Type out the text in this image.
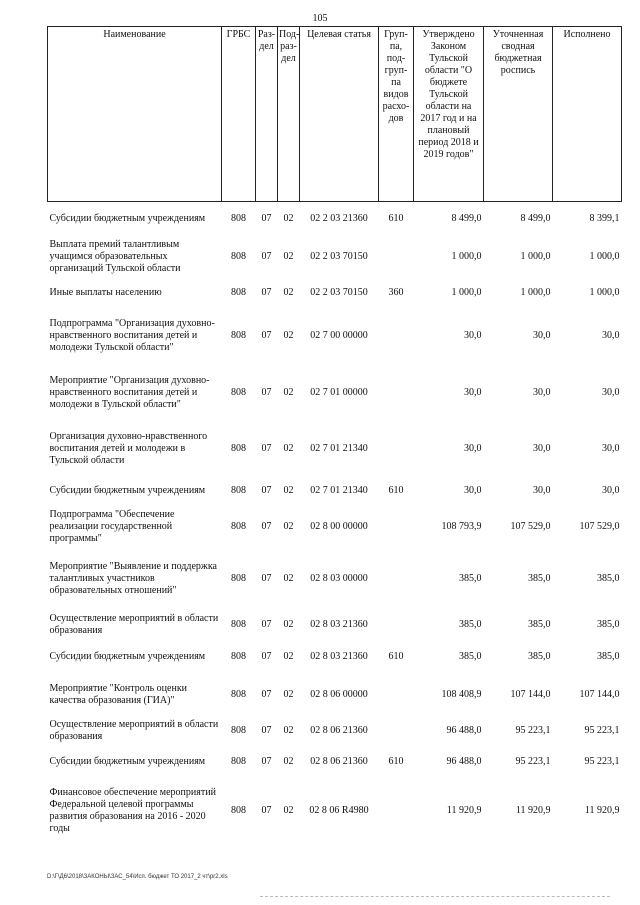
105
Наименование	ГРБС	Раз-дел	Под-раз-дел	Целевая статья	Груп-па, под-груп-па видов расхо-дов	Утверждено Законом Тульской области "О бюджете Тульской области на 2017 год и на плановый период 2018 и 2019 годов"	Уточненная сводная бюджетная роспись	Исполнено
Субсидии бюджетным учреждениям	808	07	02	02 2 03 21360	610	8 499,0	8 499,0	8 399,1
Выплата премий талантливым учащимся образовательных организаций Тульской области	808	07	02	02 2 03 70150		1 000,0	1 000,0	1 000,0
Иные выплаты населению	808	07	02	02 2 03 70150	360	1 000,0	1 000,0	1 000,0
Подпрограмма "Организация духовно-нравственного воспитания детей и молодежи Тульской области"	808	07	02	02 7 00 00000		30,0	30,0	30,0
Мероприятие "Организация духовно-нравственного воспитания детей и молодежи в Тульской области"	808	07	02	02 7 01 00000		30,0	30,0	30,0
Организация духовно-нравственного воспитания детей и молодежи в Тульской области	808	07	02	02 7 01 21340		30,0	30,0	30,0
Субсидии бюджетным учреждениям	808	07	02	02 7 01 21340	610	30,0	30,0	30,0
Подпрограмма "Обеспечение реализации государственной программы"	808	07	02	02 8 00 00000		108 793,9	107 529,0	107 529,0
Мероприятие "Выявление и поддержка талантливых участников образовательных отношений"	808	07	02	02 8 03 00000		385,0	385,0	385,0
Осуществление мероприятий в области образования	808	07	02	02 8 03 21360		385,0	385,0	385,0
Субсидии бюджетным учреждениям	808	07	02	02 8 03 21360	610	385,0	385,0	385,0
Мероприятие "Контроль оценки качества образования (ГИА)"	808	07	02	02 8 06 00000		108 408,9	107 144,0	107 144,0
Осуществление мероприятий в области образования	808	07	02	02 8 06 21360		96 488,0	95 223,1	95 223,1
Субсидии бюджетным учреждениям	808	07	02	02 8 06 21360	610	96 488,0	95 223,1	95 223,1
Финансовое обеспечение мероприятий Федеральной целевой программы развития образования на 2016 - 2020 годы	808	07	02	02 8 06 R4980		11 920,9	11 920,9	11 920,9
D:\Г\Д6\2018\ЗАКОНЫ\ЗАС_54\Исп. бюджет ТО 2017_2 чт\pr2.xls
